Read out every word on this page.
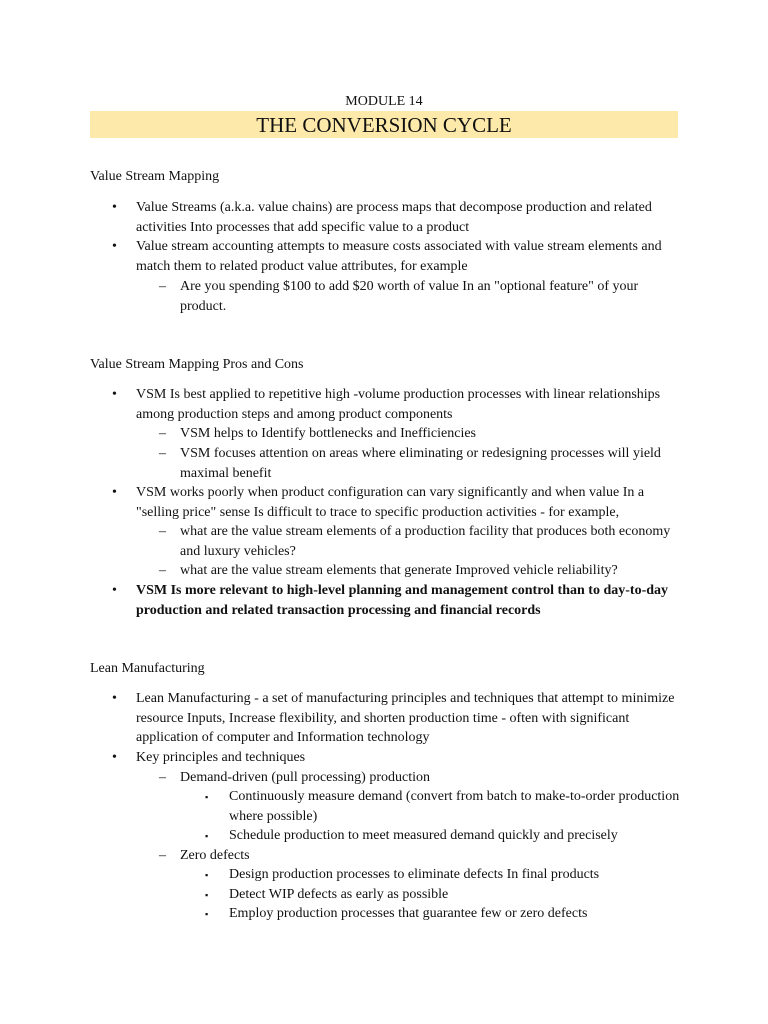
MODULE 14
THE CONVERSION CYCLE
Value Stream Mapping
• Value Streams (a.k.a. value chains) are process maps that decompose production and related activities Into processes that add specific value to a product
• Value stream accounting attempts to measure costs associated with value stream elements and match them to related product value attributes, for example
– Are you spending $100 to add $20 worth of value In an "optional feature" of your product.
Value Stream Mapping Pros and Cons
• VSM Is best applied to repetitive high -volume production processes with linear relationships among production steps and among product components
– VSM helps to Identify bottlenecks and Inefficiencies
– VSM focuses attention on areas where eliminating or redesigning processes will yield maximal benefit
• VSM works poorly when product configuration can vary significantly and when value In a "selling price" sense Is difficult to trace to specific production activities - for example,
– what are the value stream elements of a production facility that produces both economy and luxury vehicles?
– what are the value stream elements that generate Improved vehicle reliability?
• VSM Is more relevant to high-level planning and management control than to day-to-day production and related transaction processing and financial records
Lean Manufacturing
• Lean Manufacturing - a set of manufacturing principles and techniques that attempt to minimize resource Inputs, Increase flexibility, and shorten production time - often with significant application of computer and Information technology
• Key principles and techniques
– Demand-driven (pull processing) production
▪ Continuously measure demand (convert from batch to make-to-order production where possible)
▪ Schedule production to meet measured demand quickly and precisely
– Zero defects
▪ Design production processes to eliminate defects In final products
▪ Detect WIP defects as early as possible
▪ Employ production processes that guarantee few or zero defects
